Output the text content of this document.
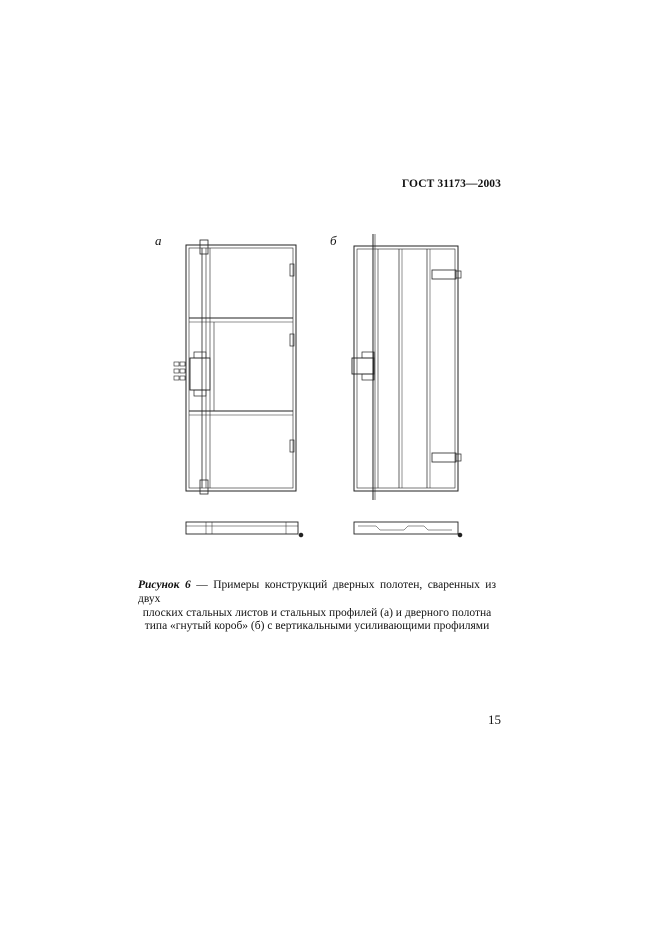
ГОСТ 31173—2003
а	б
Рисунок 6 — Примеры конструкций дверных полотен, сваренных из двух
плоских стальных листов и стальных профилей (а) и дверного полотна
типа «гнутый короб» (б) с вертикальными усиливающими профилями
15
